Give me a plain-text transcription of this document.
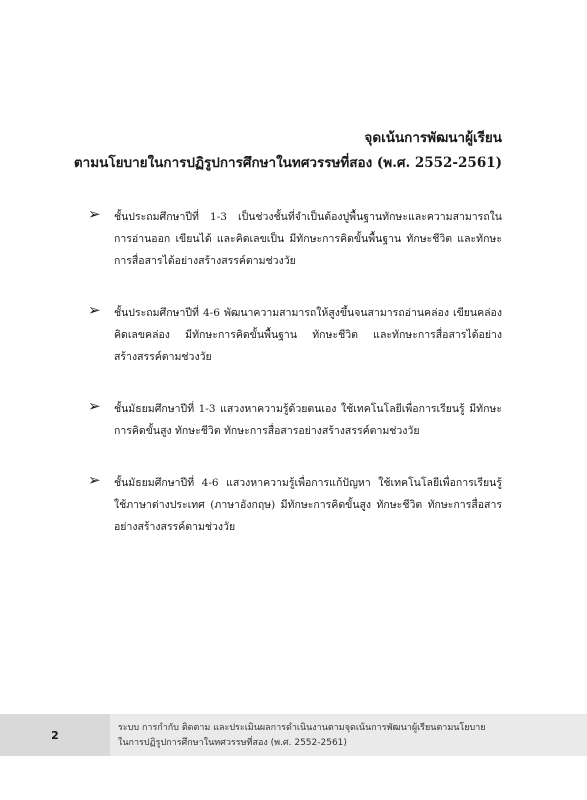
จุดเน้นการพัฒนาผู้เรียน
ตามนโยบายในการปฏิรูปการศึกษาในทศวรรษที่สอง (พ.ศ. 2552-2561)
➢	ชั้นประถมศึกษาปีที่ 1-3 เป็นช่วงชั้นที่จำเป็นต้องปูพื้นฐานทักษะและความสามารถในการอ่านออก เขียนได้ และคิดเลขเป็น มีทักษะการคิดขั้นพื้นฐาน ทักษะชีวิต และทักษะการสื่อสารได้อย่างสร้างสรรค์ตามช่วงวัย
➢	ชั้นประถมศึกษาปีที่ 4-6 พัฒนาความสามารถให้สูงขึ้นจนสามารถอ่านคล่อง เขียนคล่อง คิดเลขคล่อง มีทักษะการคิดขั้นพื้นฐาน ทักษะชีวิต และทักษะการสื่อสารได้อย่างสร้างสรรค์ตามช่วงวัย
➢	ชั้นมัธยมศึกษาปีที่ 1-3 แสวงหาความรู้ด้วยตนเอง ใช้เทคโนโลยีเพื่อการเรียนรู้ มีทักษะการคิดขั้นสูง ทักษะชีวิต ทักษะการสื่อสารอย่างสร้างสรรค์ตามช่วงวัย
➢	ชั้นมัธยมศึกษาปีที่ 4-6 แสวงหาความรู้เพื่อการแก้ปัญหา ใช้เทคโนโลยีเพื่อการเรียนรู้ ใช้ภาษาต่างประเทศ (ภาษาอังกฤษ) มีทักษะการคิดขั้นสูง ทักษะชีวิต ทักษะการสื่อสารอย่างสร้างสรรค์ตามช่วงวัย
2
ระบบ การกำกับ ติดตาม และประเมินผลการดำเนินงานตามจุดเน้นการพัฒนาผู้เรียนตามนโยบาย
ในการปฏิรูปการศึกษาในทศวรรษที่สอง (พ.ศ. 2552-2561)
